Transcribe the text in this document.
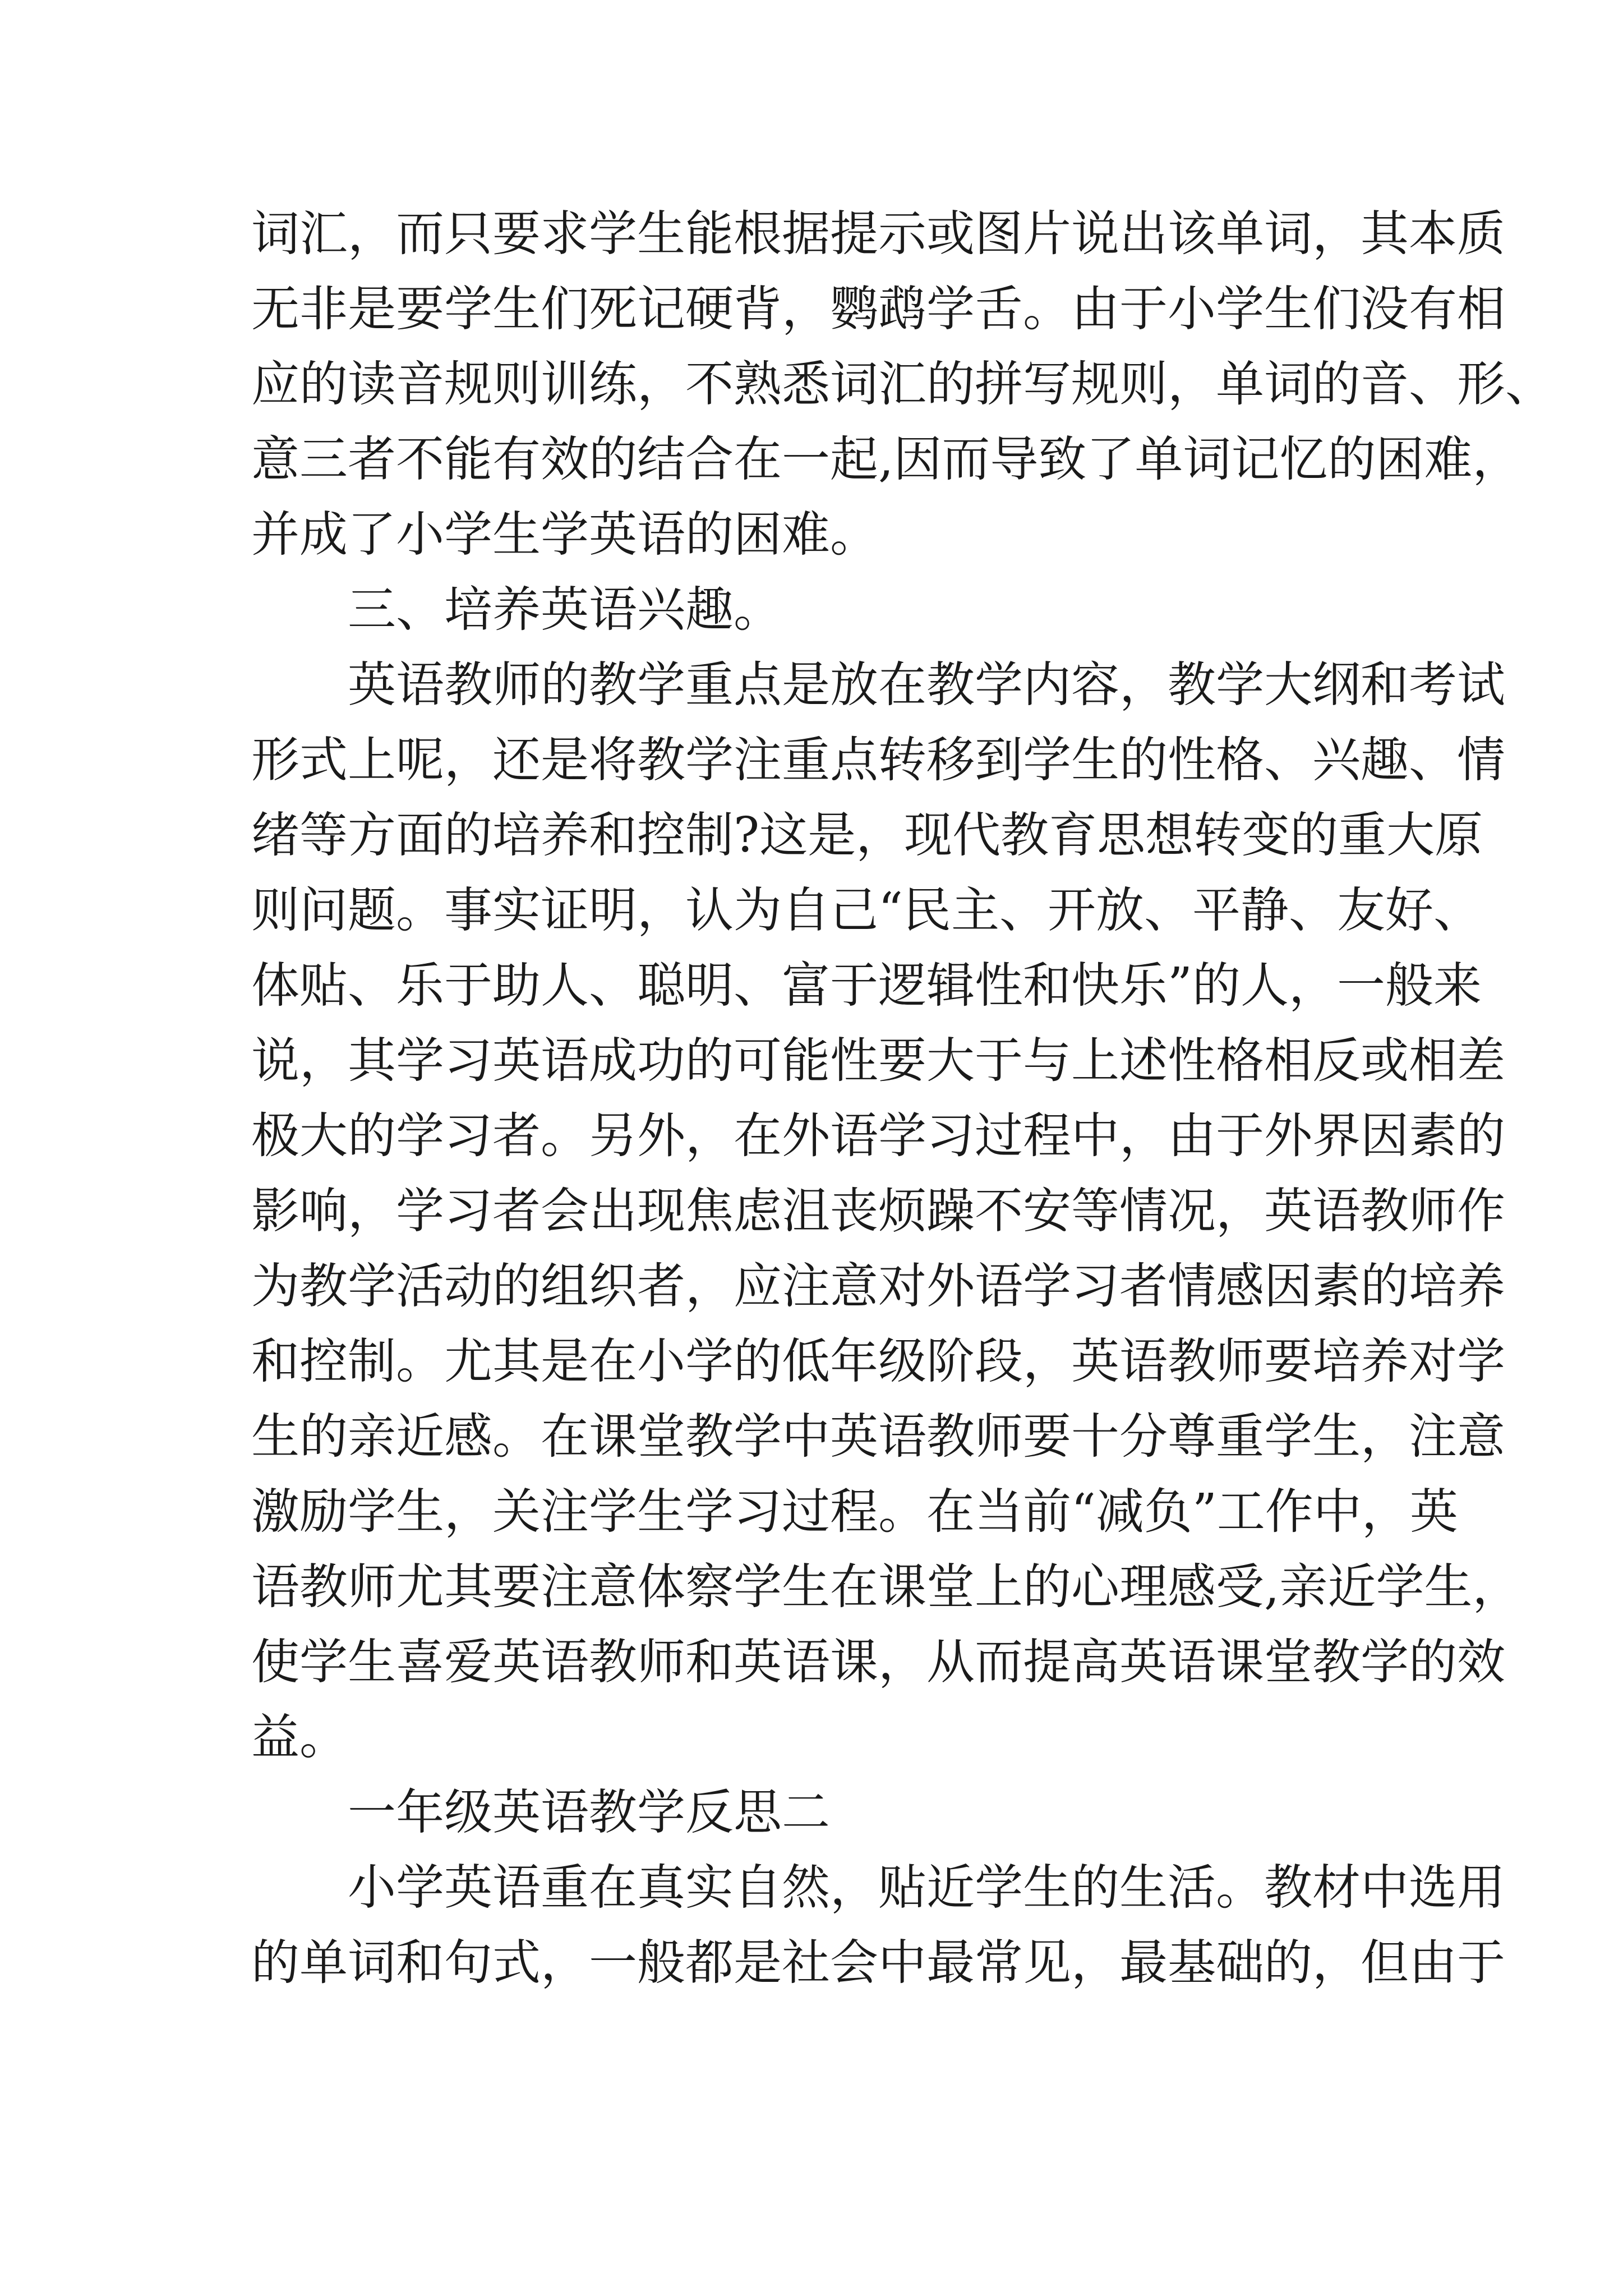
词汇，而只要求学生能根据提示或图片说出该单词，其本质
无非是要学生们死记硬背，鹦鹉学舌。由于小学生们没有相
应的读音规则训练，不熟悉词汇的拼写规则，单词的音、形、
意三者不能有效的结合在一起,因而导致了单词记忆的困难，
并成了小学生学英语的困难。
三、培养英语兴趣。
英语教师的教学重点是放在教学内容，教学大纲和考试
形式上呢，还是将教学注重点转移到学生的性格、兴趣、情
绪等方面的培养和控制?这是，现代教育思想转变的重大原
则问题。事实证明，认为自己“民主、开放、平静、友好、
体贴、乐于助人、聪明、富于逻辑性和快乐”的人，一般来
说，其学习英语成功的可能性要大于与上述性格相反或相差
极大的学习者。另外，在外语学习过程中，由于外界因素的
影响，学习者会出现焦虑沮丧烦躁不安等情况，英语教师作
为教学活动的组织者，应注意对外语学习者情感因素的培养
和控制。尤其是在小学的低年级阶段，英语教师要培养对学
生的亲近感。在课堂教学中英语教师要十分尊重学生，注意
激励学生，关注学生学习过程。在当前“减负”工作中，英
语教师尤其要注意体察学生在课堂上的心理感受,亲近学生，
使学生喜爱英语教师和英语课，从而提高英语课堂教学的效
益。
一年级英语教学反思二
小学英语重在真实自然，贴近学生的生活。教材中选用
的单词和句式，一般都是社会中最常见，最基础的，但由于
